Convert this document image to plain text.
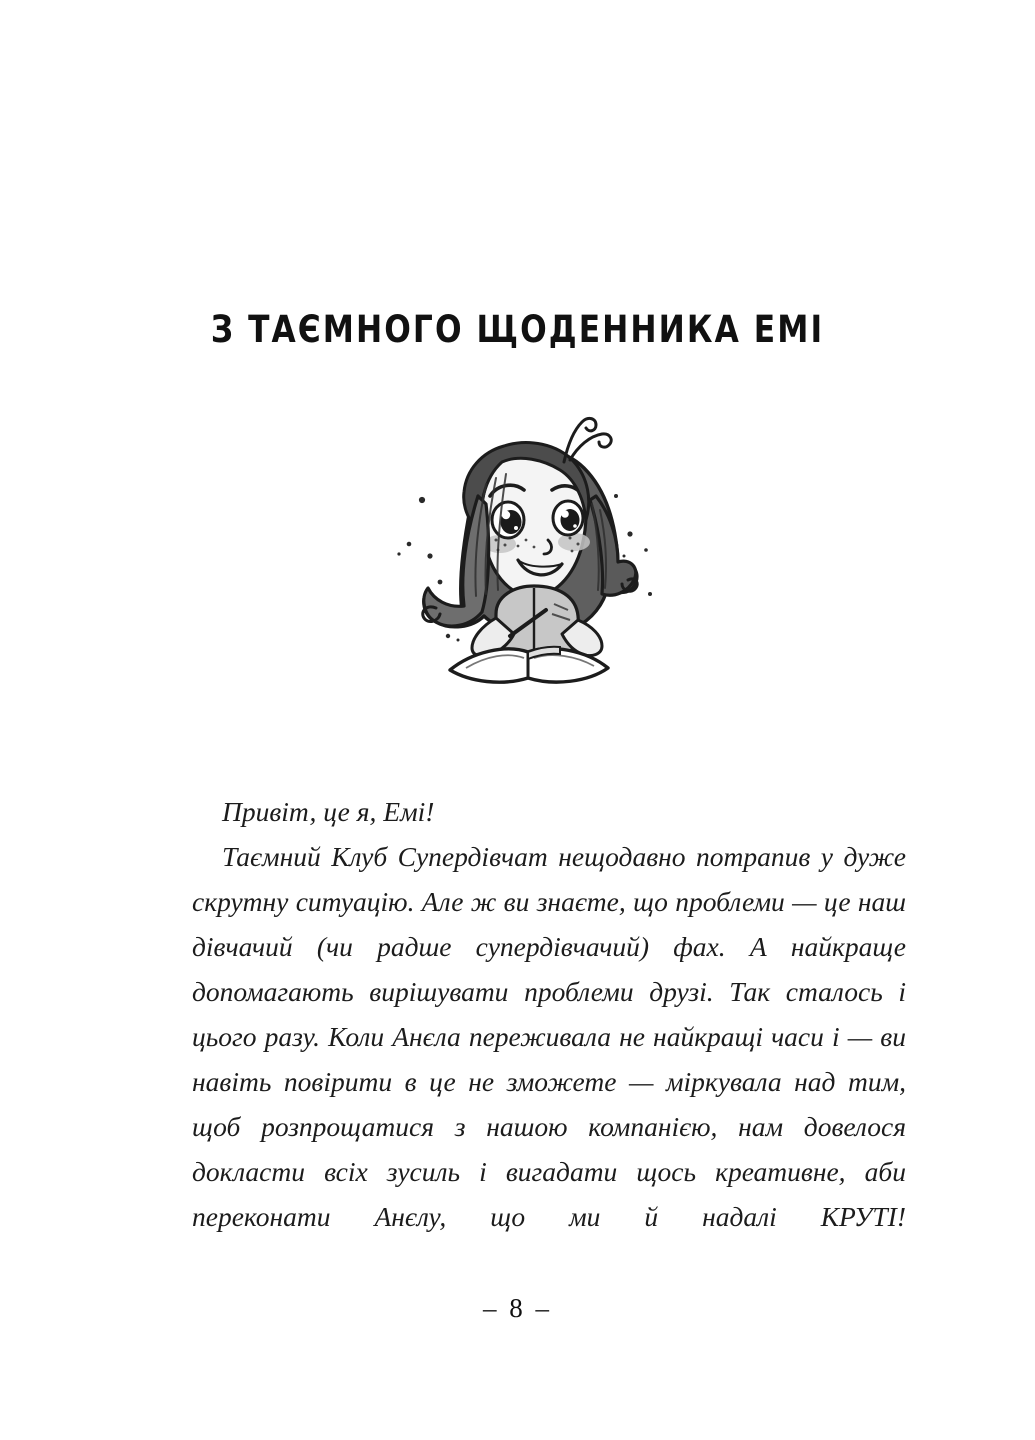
З ТАЄМНОГО ЩОДЕННИКА ЕМІ

Привіт, це я, Емі!

Таємний Клуб Супердівчат нещодавно потрапив у дуже скрутну ситуацію. Але ж ви знаєте, що проблеми — це наш дівчачий (чи радше супердівчачий) фах. А найкраще допомагають вирішувати проблеми друзі. Так сталось і цього разу. Коли Анєла переживала не найкращі часи і — ви навіть повірити в це не зможете — міркувала над тим, щоб розпрощатися з нашою компанією, нам довелося докласти всіх зусиль і вигадати щось креативне, аби переконати Анєлу, що ми й надалі КРУТІ!

– 8 –
